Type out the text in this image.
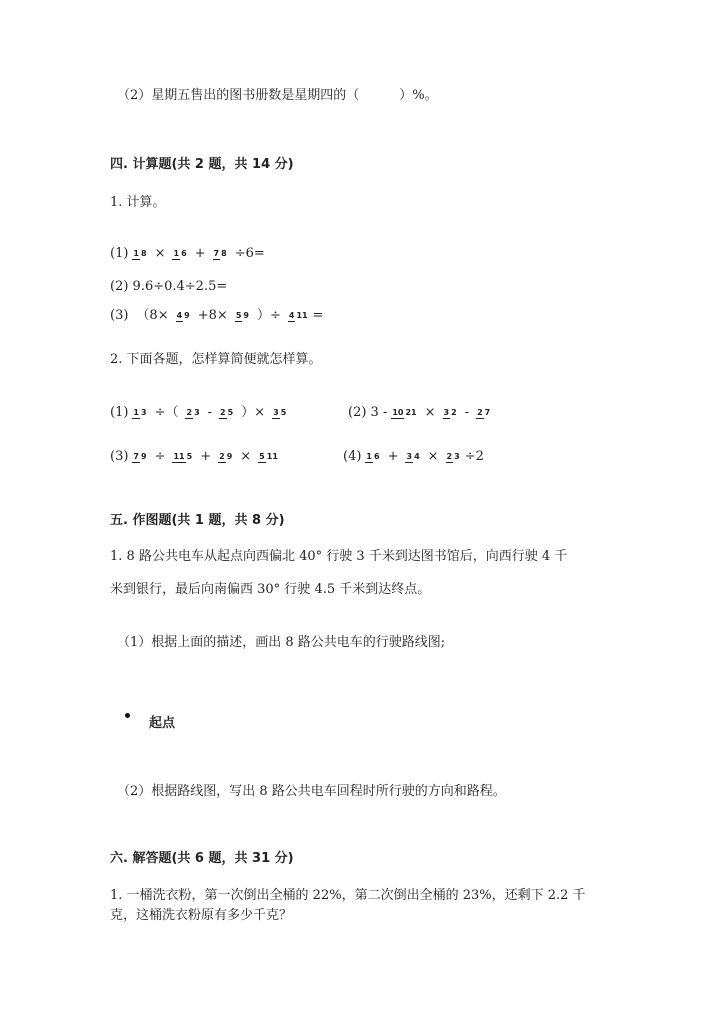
（2）星期五售出的图书册数是星期四的（	）%。
四. 计算题(共 2 题，共 14 分)
1. 计算。
(1) 1 8 × 1 6 + 7 8 ÷6=
(2) 9.6÷0.4÷2.5=
(3) （8× 4 9 +8× 5 9 ）÷ 4 11 =
2. 下面各题，怎样算简便就怎样算。
(1) 1 3 ÷（ 2 3 - 2 5 ）× 3 5	(2) 3 - 10 21 × 3 2 - 2 7
(3) 7 9 ÷ 11 5 + 2 9 × 5 11	(4) 1 6 + 3 4 × 2 3 ÷2
五. 作图题(共 1 题，共 8 分)
1. 8 路公共电车从起点向西偏北 40° 行驶 3 千米到达图书馆后，向西行驶 4 千
米到银行，最后向南偏西 30° 行驶 4.5 千米到达终点。
（1）根据上面的描述，画出 8 路公共电车的行驶路线图;
起点
（2）根据路线图，写出 8 路公共电车回程时所行驶的方向和路程。
六. 解答题(共 6 题，共 31 分)
1. 一桶洗衣粉，第一次倒出全桶的 22%，第二次倒出全桶的 23%，还剩下 2.2 千
克，这桶洗衣粉原有多少千克？
